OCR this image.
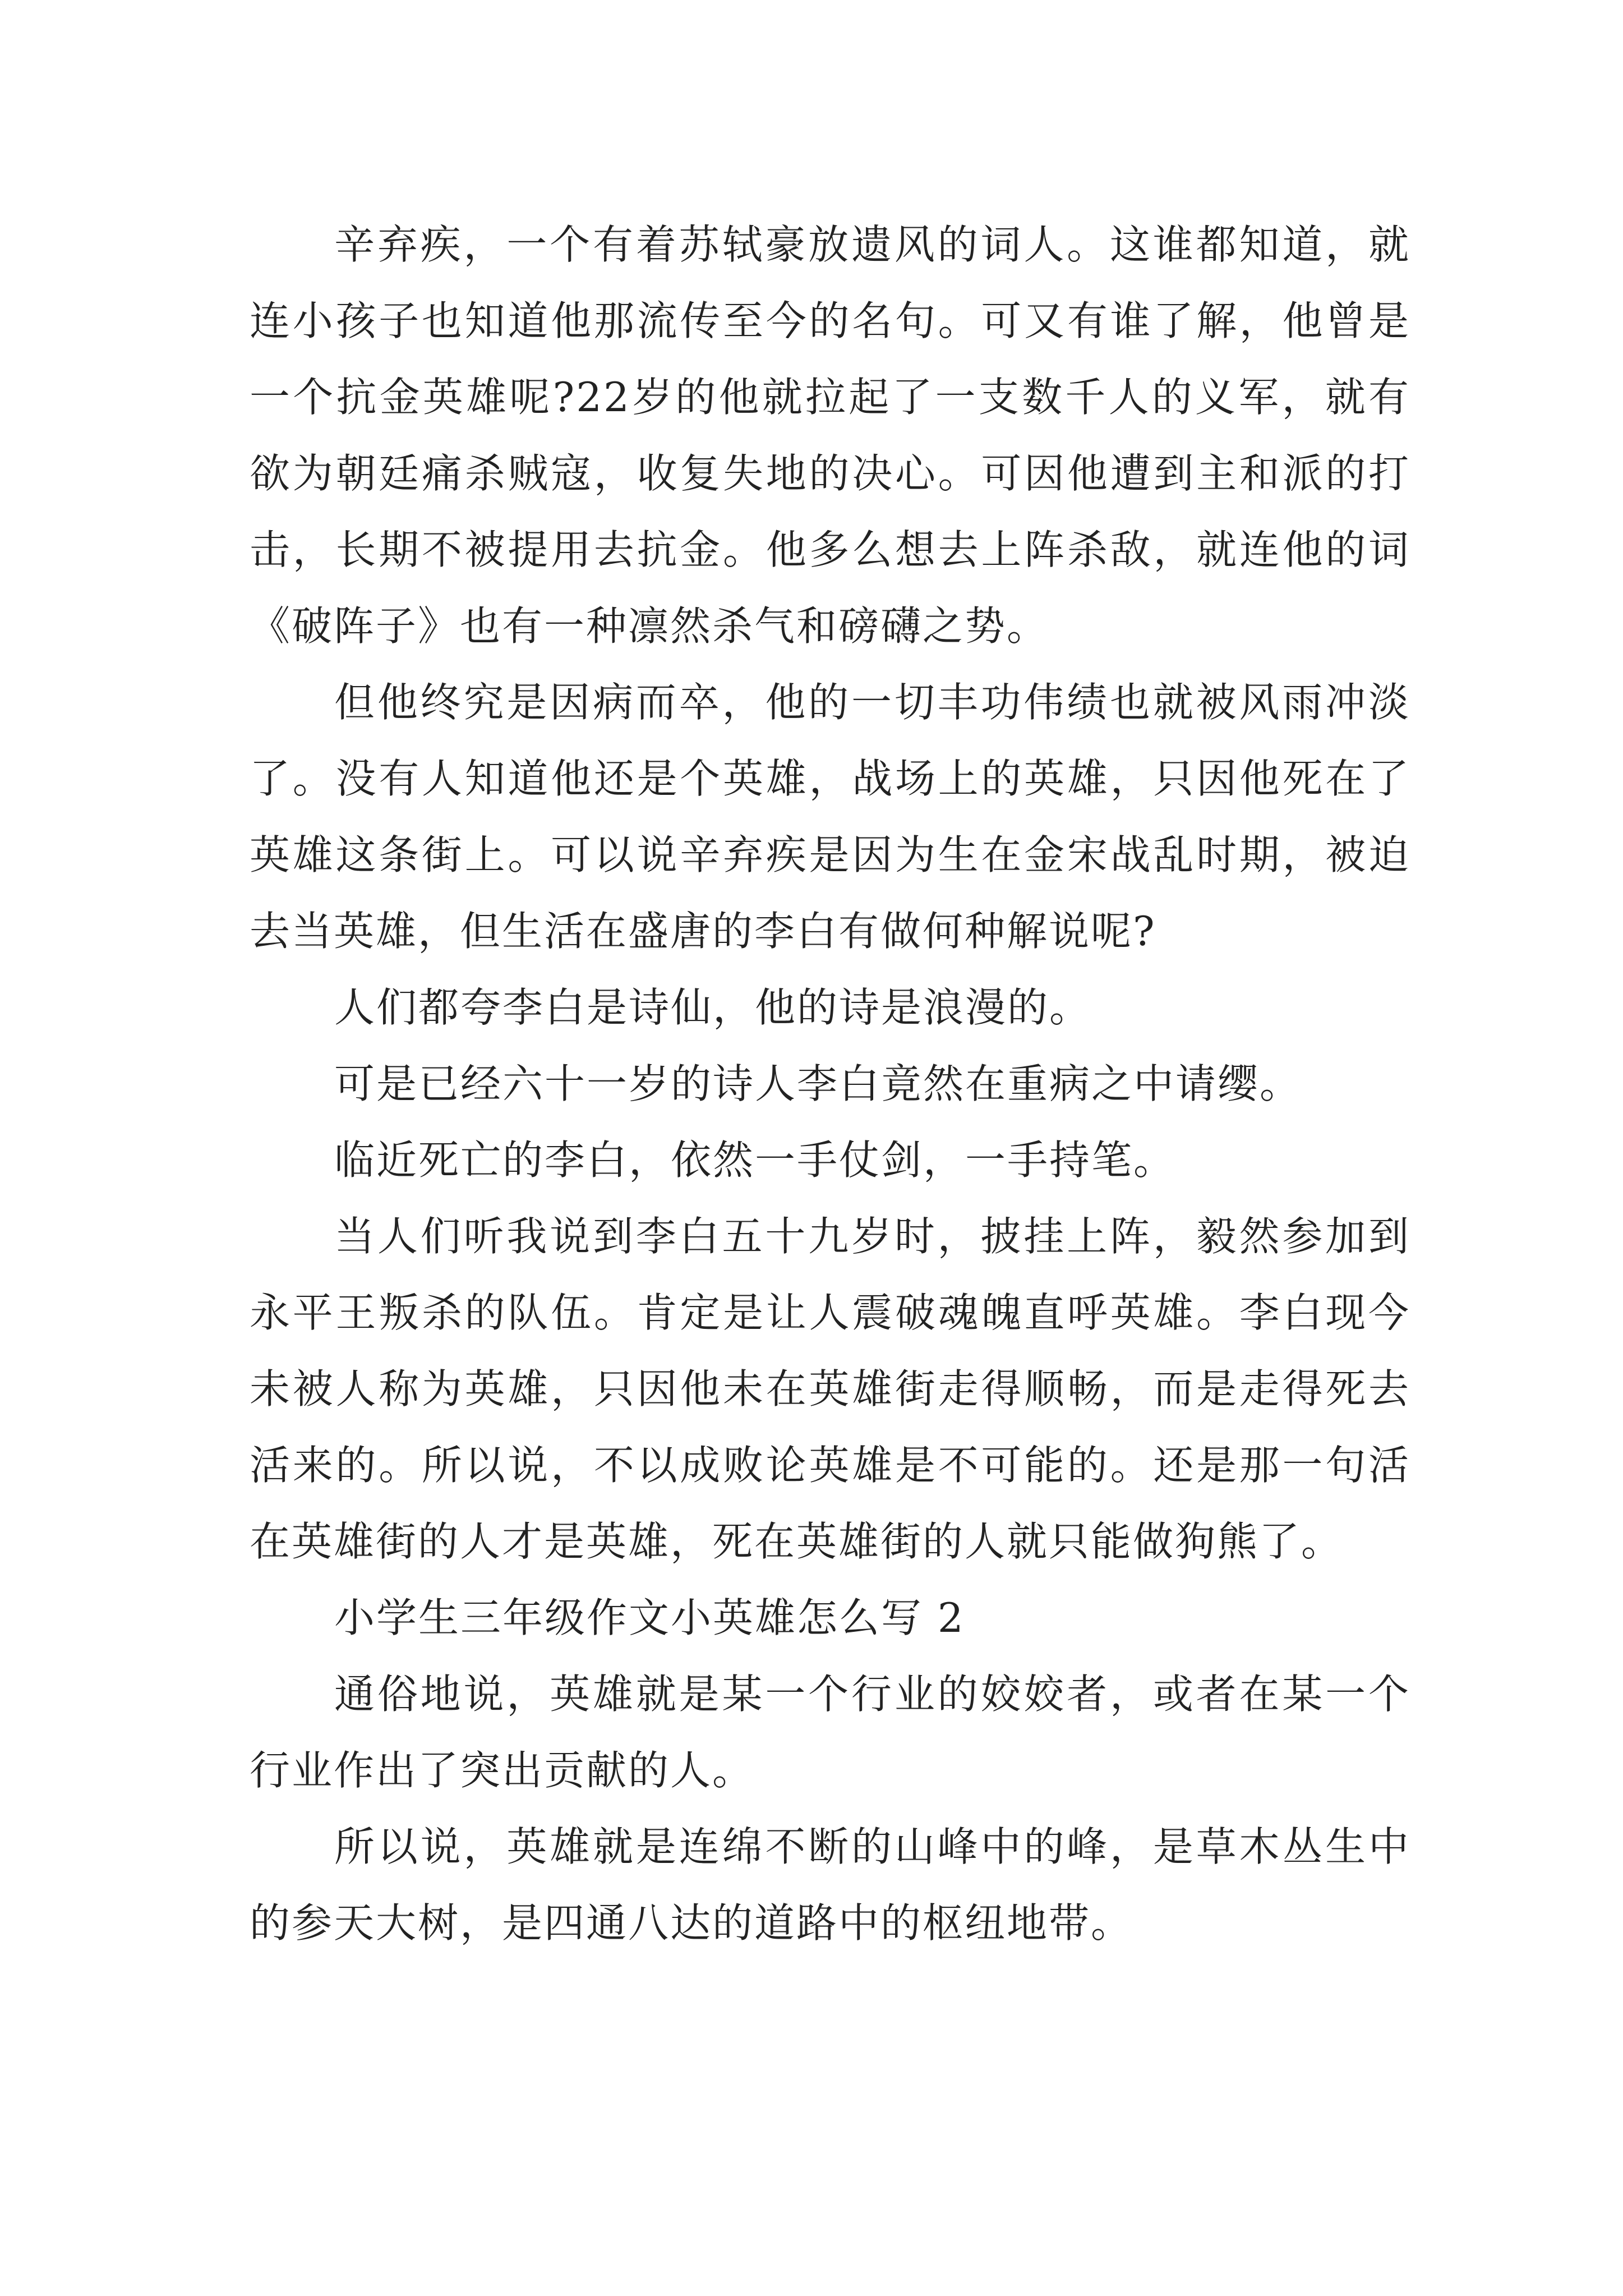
辛弃疾，一个有着苏轼豪放遗风的词人。这谁都知道，就连小孩子也知道他那流传至今的名句。可又有谁了解，他曾是一个抗金英雄呢?22岁的他就拉起了一支数千人的义军，就有欲为朝廷痛杀贼寇，收复失地的决心。可因他遭到主和派的打击，长期不被提用去抗金。他多么想去上阵杀敌，就连他的词《破阵子》也有一种凛然杀气和磅礴之势。

但他终究是因病而卒，他的一切丰功伟绩也就被风雨冲淡了。没有人知道他还是个英雄，战场上的英雄，只因他死在了英雄这条街上。可以说辛弃疾是因为生在金宋战乱时期，被迫去当英雄，但生活在盛唐的李白有做何种解说呢?

人们都夸李白是诗仙，他的诗是浪漫的。

可是已经六十一岁的诗人李白竟然在重病之中请缨。

临近死亡的李白，依然一手仗剑，一手持笔。

当人们听我说到李白五十九岁时，披挂上阵，毅然参加到永平王叛杀的队伍。肯定是让人震破魂魄直呼英雄。李白现今未被人称为英雄，只因他未在英雄街走得顺畅，而是走得死去活来的。所以说，不以成败论英雄是不可能的。还是那一句活在英雄街的人才是英雄，死在英雄街的人就只能做狗熊了。

小学生三年级作文小英雄怎么写 2

通俗地说，英雄就是某一个行业的姣姣者，或者在某一个行业作出了突出贡献的人。

所以说，英雄就是连绵不断的山峰中的峰，是草木丛生中的参天大树，是四通八达的道路中的枢纽地带。
